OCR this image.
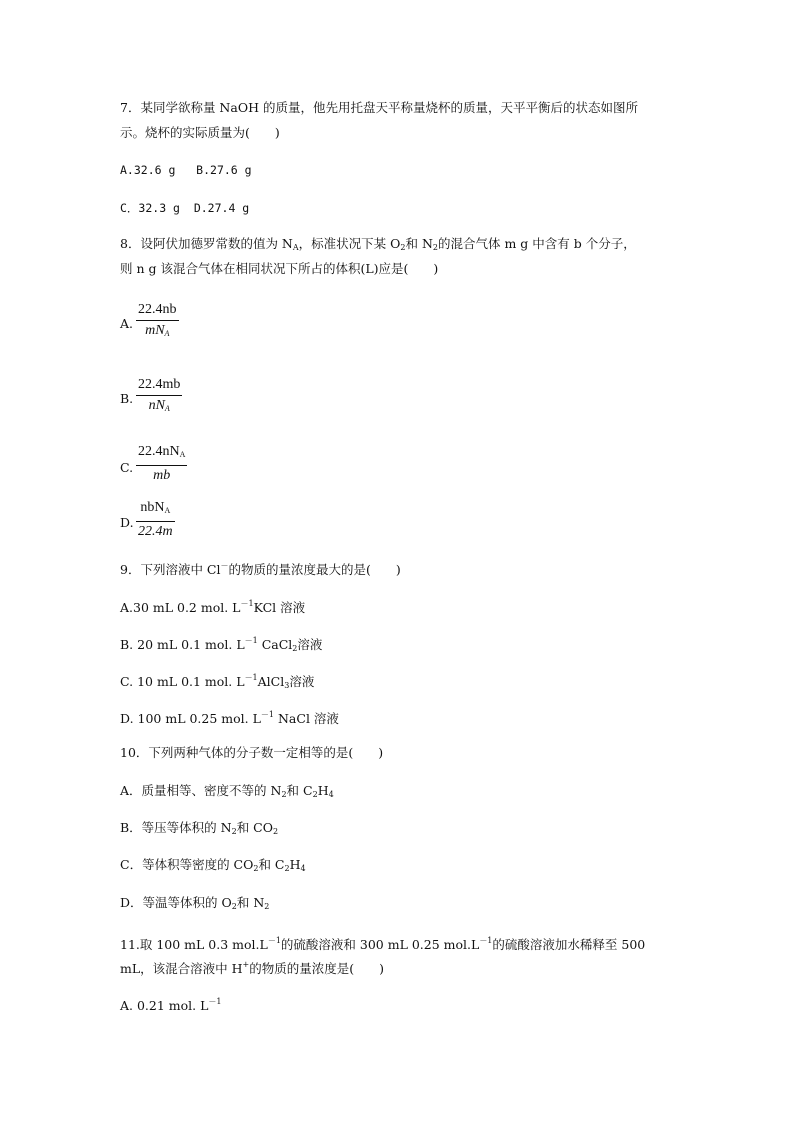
7．某同学欲称量 NaOH 的质量，他先用托盘天平称量烧杯的质量，天平平衡后的状态如图所
示。烧杯的实际质量为(　　)
A.32.6 g B.27.6 g
C．32.3 g D.27.4 g
8．设阿伏加德罗常数的值为 $N_A$，标准状况下某 $O_2$和 $N_2$的混合气体 m g 中含有 b 个分子，
则 n g 该混合气体在相同状况下所占的体积(L)应是(　　)
A.
22.4nb
$mN_A$
B.
22.4mb
$nN_A$
C.
$22.4nN_A$
mb
D.
nbN$_A$
22.4m
9．下列溶液中 Cl－的物质的量浓度最大的是(　　)
A.30 mL 0.2 mol. $L^{-1}KCl$ 溶液
B. 20 mL 0.1 mol. $L^{-1}$ CaCl$_2$溶液
C. 10 mL 0.1 mol. $L^{-1}AlCl_3$溶液
D. 100 mL 0.25 mol. $L^{-1}$ NaCl 溶液
10．下列两种气体的分子数一定相等的是(　　)
A．质量相等、密度不等的 $N_2$和 $C_2H_4$
B．等压等体积的 $N_2$和 $CO_2$
C．等体积等密度的 $CO_2$和 $C_2H_4$
D．等温等体积的 $O_2$和 $N_2$
11.取 100 mL 0.3 $mol.L^{-1}$的硫酸溶液和 300 mL 0.25 $mol.L^{-1}$的硫酸溶液加水稀释至 500
mL，该混合溶液中 H+的物质的量浓度是(　　)
A. 0.21 mol. $L^{-1}$
